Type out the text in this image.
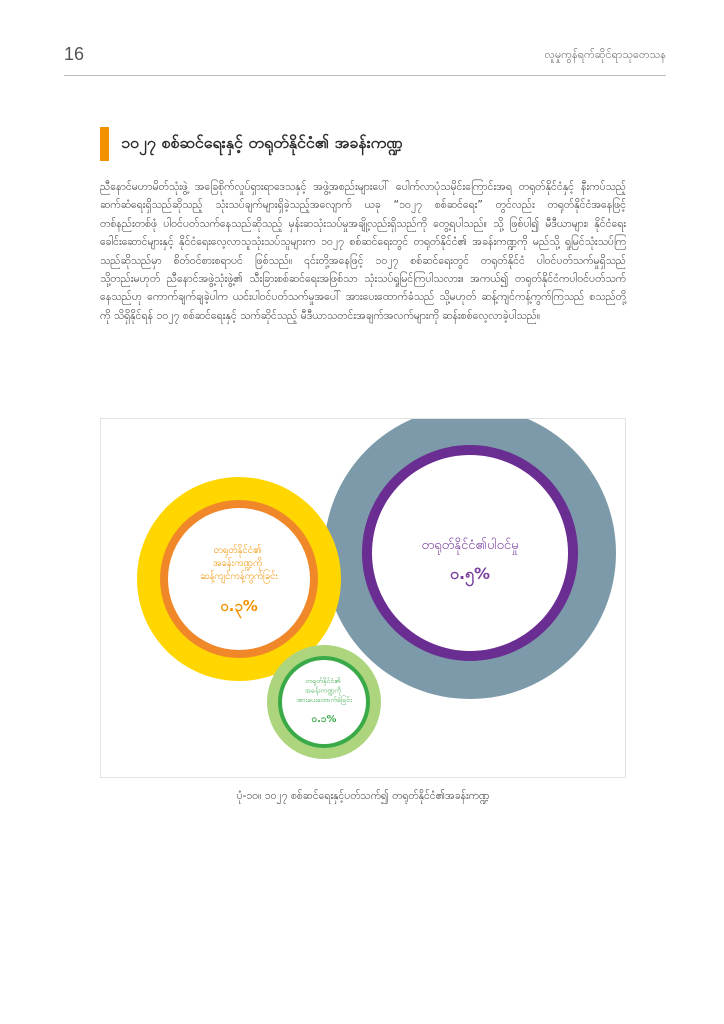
16	လူမှုကွန်ရက်ဆိုင်ရာသုတေသန
၁၀၂၇ စစ်ဆင်ရေးနှင့် တရုတ်နိုင်ငံ၏ အခန်းကဏ္ဍ

ညီနောင်မဟာမိတ်သုံးဖွဲ့ အခြေစိုက်လှုပ်ရှားရာဒေသနှင့် အဖွဲ့အစည်းများပေါ် ပေါက်လာပုံသမိုင်းကြောင်းအရ တရုတ်နိုင်ငံနှင့် နီးကပ်သည့် ဆက်ဆံရေးရှိသည်ဆိုသည့် သုံးသပ်ချက်များရှိခဲ့သည့်အလျောက် ယခု “၁၀၂၇ စစ်ဆင်ရေး” တွင်လည်း တရုတ်နိုင်ငံအနေဖြင့် တစ်နည်းတစ်ဖုံ ပါဝင်ပတ်သက်နေသည်ဆိုသည့် မှန်းဆသုံးသပ်မှုအချို့လည်းရှိသည်ကို တွေ့ရပါသည်။ သို့ ဖြစ်ပါ၍ မီဒီယာများ၊ နိုင်ငံရေးခေါင်းဆောင်များနှင့် နိုင်ငံရေးလေ့လာသူသုံးသပ်သူများက ၁၀၂၇ စစ်ဆင်ရေးတွင် တရုတ်နိုင်ငံ၏ အခန်းကဏ္ဍကို မည်သို့ ရှုမြင်သုံးသပ်ကြသည်ဆိုသည်မှာ စိတ်ဝင်စားစရာပင် ဖြစ်သည်။ ၎င်းတို့အနေဖြင့် ၁၀၂၇ စစ်ဆင်ရေးတွင် တရုတ်နိုင်ငံ ပါဝင်ပတ်သက်မှုရှိသည် သို့တည်းမဟုတ် ညီနောင်အဖွဲ့သုံးဖွဲ့၏ သီးခြားစစ်ဆင်ရေးအဖြစ်သာ သုံးသပ်ရှုမြင်ကြပါသလား။ အကယ်၍ တရုတ်နိုင်ငံကပါဝင်ပတ်သက်နေသည်ဟု ကောက်ချက်ချခဲ့ပါက ယင်းပါဝင်ပတ်သက်မှုအပေါ် အားပေးထောက်ခံသည် သို့မဟုတ် ဆန့်ကျင်ကန့်ကွက်ကြသည် စသည်တို့ကို သိရှိနိုင်ရန် ၁၀၂၇ စစ်ဆင်ရေးနှင့် သက်ဆိုင်သည့် မီဒီယာသတင်းအချက်အလက်များကို ဆန်းစစ်လေ့လာခဲ့ပါသည်။

တရုတ်နိုင်ငံ၏ပါဝင်မှု
၀.၅%
တရုတ်နိုင်ငံ၏ အခန်းကဏ္ဍကို ဆန့်ကျင်ကန့်ကွက်ခြင်း
၀.၃%
တရုတ်နိုင်ငံ၏ အခန်းကဏ္ဍကို အားပေးထောက်ခံခြင်း
၀.၁%
ပုံ-၁၀။ ၁၀၂၇ စစ်ဆင်ရေးနှင့်ပတ်သက်၍ တရုတ်နိုင်ငံ၏အခန်းကဏ္ဍ
